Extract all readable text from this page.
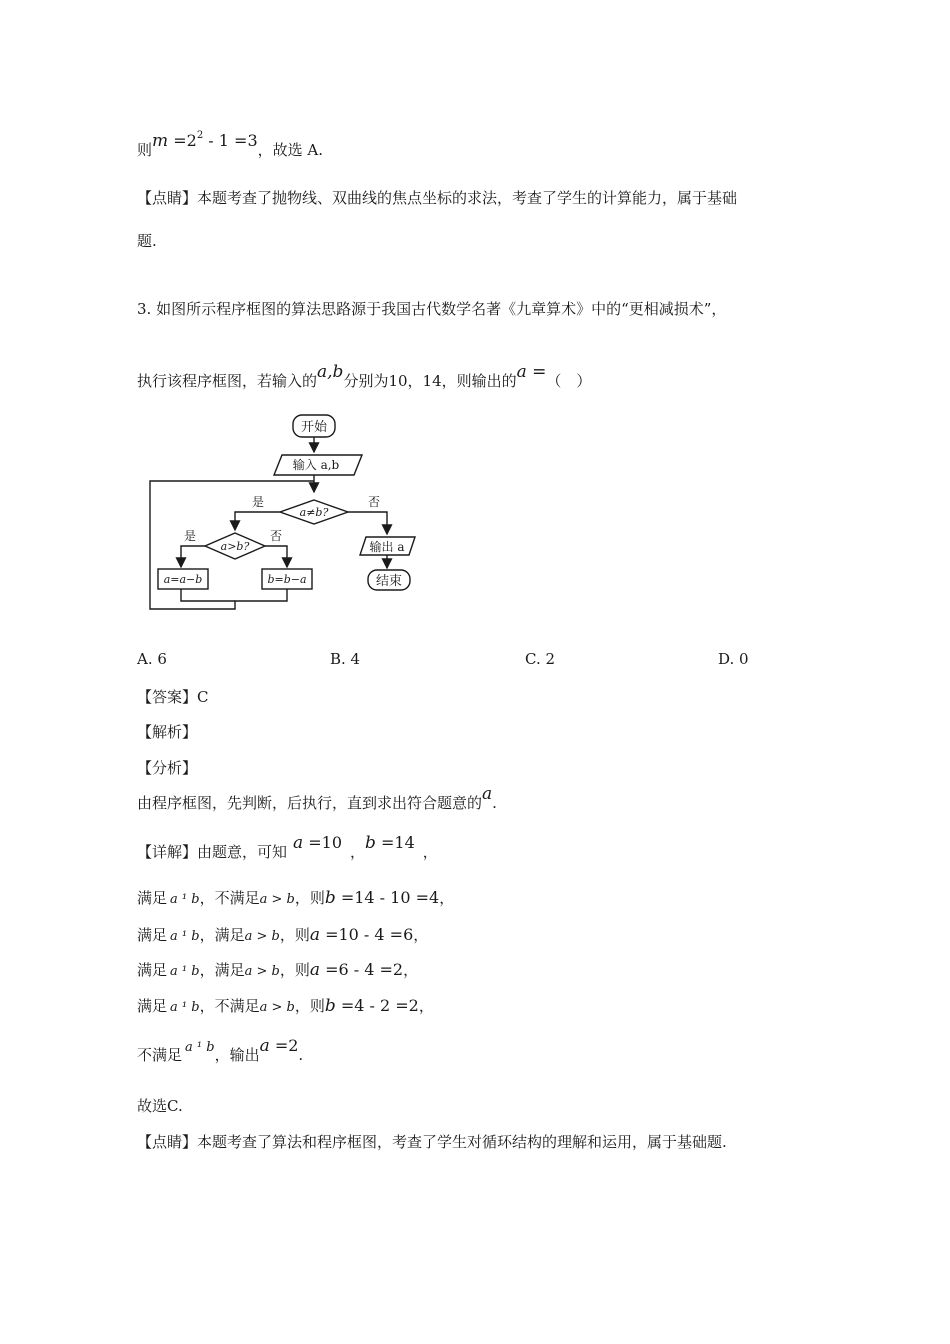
则$m =2^2 - 1 =3$，故选 A.
【点睛】本题考查了抛物线、双曲线的焦点坐标的求法，考查了学生的计算能力，属于基础
题.
3. 如图所示程序框图的算法思路源于我国古代数学名著《九章算术》中的“更相减损术”，
执行该程序框图，若输入的a,b分别为10，14，则输出的a =（　）
开始
输入 a,b
a≠b?
是	否
a>b?
是	否
a=a−b	b=b−a
输出 a
结束
A. 6	B. 4	C. 2	D. 0
【答案】C
【解析】
【分析】
由程序框图，先判断，后执行，直到求出符合题意的a.
【详解】由题意，可知 a =10 ，b =14 ，
满足 a ¹ b，不满足a > b，则b =14 - 10 =4，
满足 a ¹ b，满足a > b，则a =10 - 4 =6，
满足 a ¹ b，满足a > b，则a =6 - 4 =2，
满足 a ¹ b，不满足a > b，则b =4 - 2 =2，
不满足 a ¹ b，输出a =2.
故选C.
【点睛】本题考查了算法和程序框图，考查了学生对循环结构的理解和运用，属于基础题.
